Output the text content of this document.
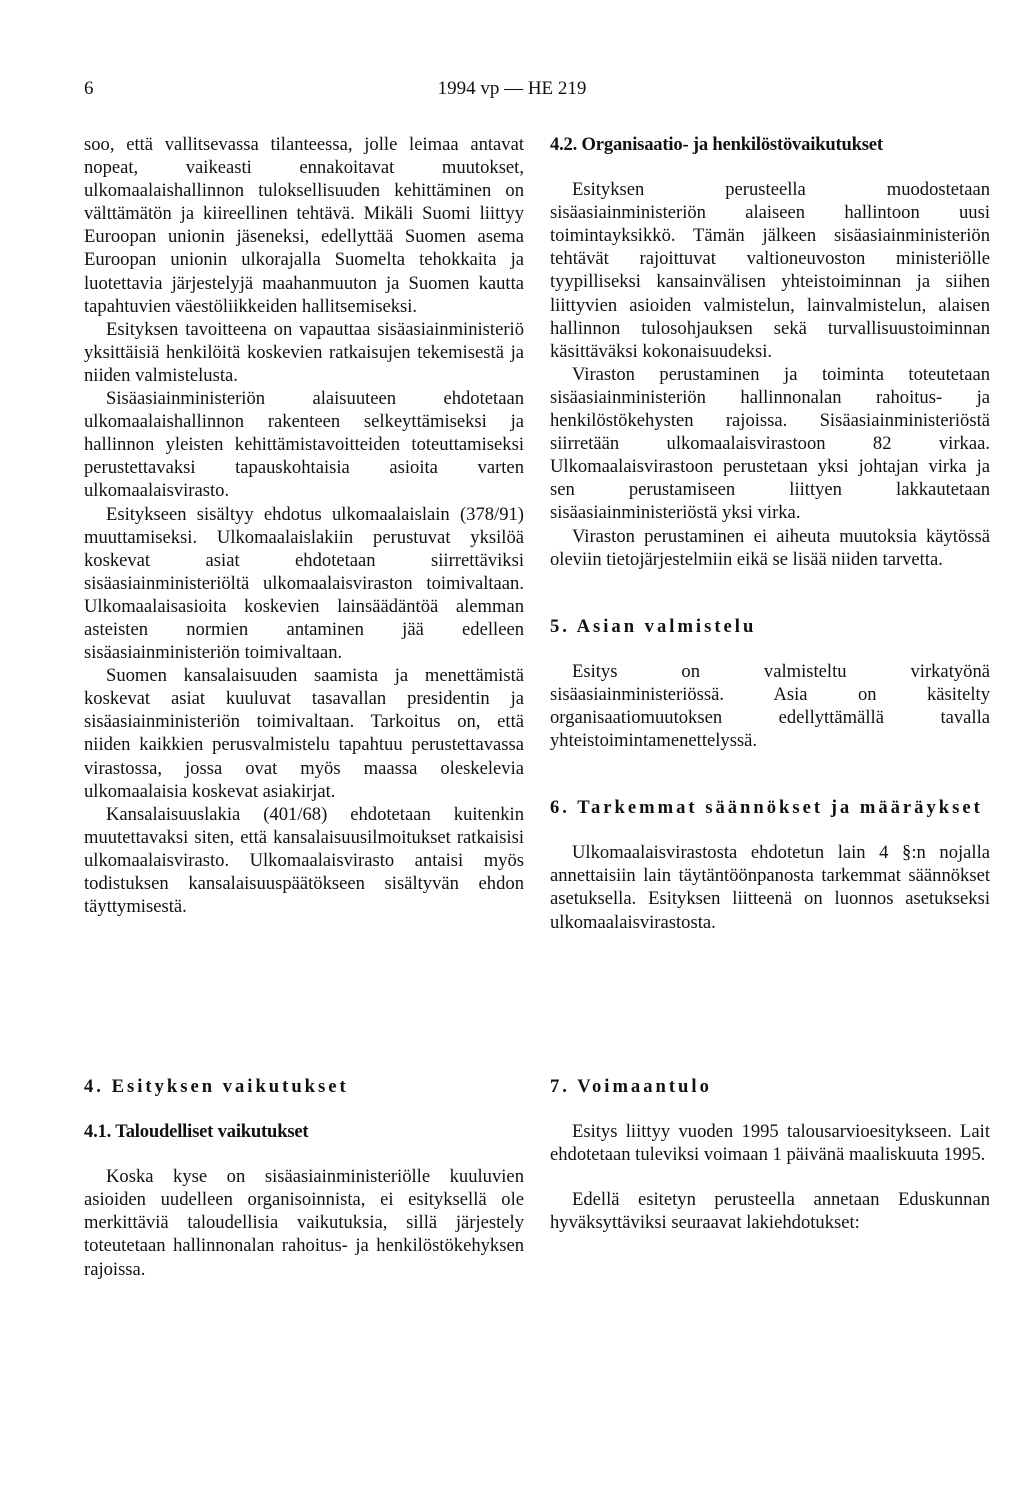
6	1994 vp — HE 219

soo, että vallitsevassa tilanteessa, jolle leimaa antavat nopeat, vaikeasti ennakoitavat muutokset, ulkomaalaishallinnon tuloksellisuuden kehittäminen on välttämätön ja kiireellinen tehtävä. Mikäli Suomi liittyy Euroopan unionin jäseneksi, edellyttää Suomen asema Euroopan unionin ulkorajalla Suomelta tehokkaita ja luotettavia järjestelyjä maahanmuuton ja Suomen kautta tapahtuvien väestöliikkeiden hallitsemiseksi.

Esityksen tavoitteena on vapauttaa sisäasiainministeriö yksittäisiä henkilöitä koskevien ratkaisujen tekemisestä ja niiden valmistelusta.

Sisäasiainministeriön alaisuuteen ehdotetaan ulkomaalaishallinnon rakenteen selkeyttämiseksi ja hallinnon yleisten kehittämistavoitteiden toteuttamiseksi perustettavaksi tapauskohtaisia asioita varten ulkomaalaisvirasto.

Esitykseen sisältyy ehdotus ulkomaalaislain (378/91) muuttamiseksi. Ulkomaalaislakiin perustuvat yksilöä koskevat asiat ehdotetaan siirrettäviksi sisäasiainministeriöltä ulkomaalaisviraston toimivaltaan. Ulkomaalaisasioita koskevien lainsäädäntöä alemman asteisten normien antaminen jää edelleen sisäasiainministeriön toimivaltaan.

Suomen kansalaisuuden saamista ja menettämistä koskevat asiat kuuluvat tasavallan presidentin ja sisäasiainministeriön toimivaltaan. Tarkoitus on, että niiden kaikkien perusvalmistelu tapahtuu perustettavassa virastossa, jossa ovat myös maassa oleskelevia ulkomaalaisia koskevat asiakirjat.

Kansalaisuuslakia (401/68) ehdotetaan kuitenkin muutettavaksi siten, että kansalaisuusilmoitukset ratkaisisi ulkomaalaisvirasto. Ulkomaalaisvirasto antaisi myös todistuksen kansalaisuuspäätökseen sisältyvän ehdon täyttymisestä.

4.2. Organisaatio- ja henkilöstövaikutukset

Esityksen perusteella muodostetaan sisäasiainministeriön alaiseen hallintoon uusi toimintayksikkö. Tämän jälkeen sisäasiainministeriön tehtävät rajoittuvat valtioneuvoston ministeriölle tyypilliseksi kansainvälisen yhteistoiminnan ja siihen liittyvien asioiden valmistelun, lainvalmistelun, alaisen hallinnon tulosohjauksen sekä turvallisuustoiminnan käsittäväksi kokonaisuudeksi.

Viraston perustaminen ja toiminta toteutetaan sisäasiainministeriön hallinnonalan rahoitus- ja henkilöstökehysten rajoissa. Sisäasiainministeriöstä siirretään ulkomaalaisvirastoon 82 virkaa. Ulkomaalaisvirastoon perustetaan yksi johtajan virka ja sen perustamiseen liittyen lakkautetaan sisäasiainministeriöstä yksi virka.

Viraston perustaminen ei aiheuta muutoksia käytössä oleviin tietojärjestelmiin eikä se lisää niiden tarvetta.

5. Asian valmistelu

Esitys on valmisteltu virkatyönä sisäasiainministeriössä. Asia on käsitelty organisaatiomuutoksen edellyttämällä tavalla yhteistoimintamenettelyssä.

6. Tarkemmat säännökset ja määräykset

Ulkomaalaisvirastosta ehdotetun lain 4 §:n nojalla annettaisiin lain täytäntöönpanosta tarkemmat säännökset asetuksella. Esityksen liitteenä on luonnos asetukseksi ulkomaalaisvirastosta.

4. Esityksen vaikutukset
4.1. Taloudelliset vaikutukset

Koska kyse on sisäasiainministeriölle kuuluvien asioiden uudelleen organisoinnista, ei esityksellä ole merkittäviä taloudellisia vaikutuksia, sillä järjestely toteutetaan hallinnonalan rahoitus- ja henkilöstökehyksen rajoissa.

7. Voimaantulo

Esitys liittyy vuoden 1995 talousarvioesitykseen. Lait ehdotetaan tuleviksi voimaan 1 päivänä maaliskuuta 1995.

Edellä esitetyn perusteella annetaan Eduskunnan hyväksyttäviksi seuraavat lakiehdotukset:
